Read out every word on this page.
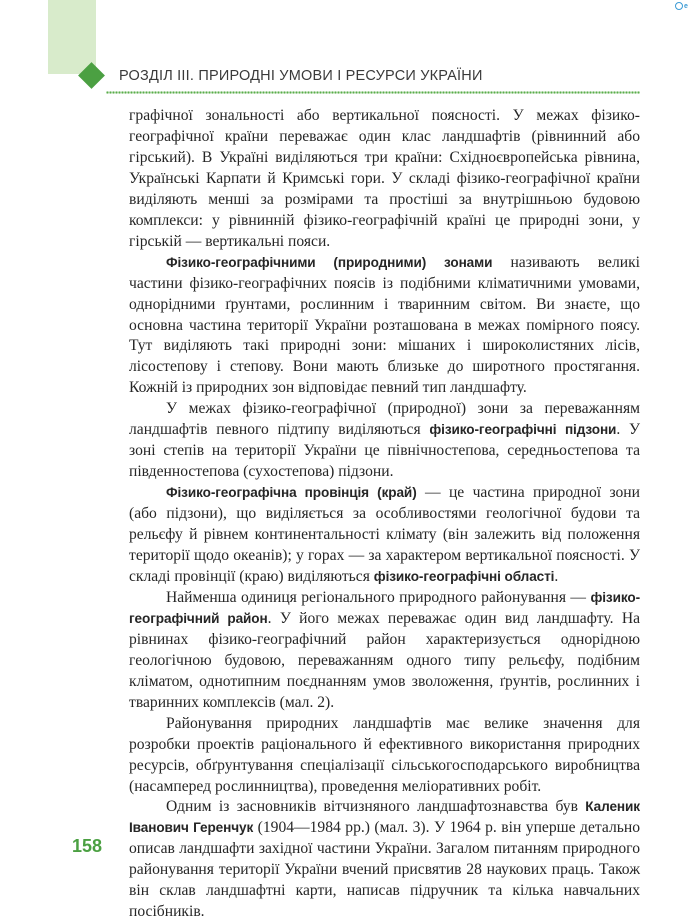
РОЗДІЛ ІІІ. ПРИРОДНІ УМОВИ І РЕСУРСИ УКРАЇНИ
e

графічної зональності або вертикальної поясності. У межах фізико-географічної країни переважає один клас ландшафтів (рівнинний або гірський). В Україні виділяються три країни: Східноєвропейська рівнина, Українські Карпати й Кримські гори. У складі фізико-географічної країни виділяють менші за розмірами та простіші за внутрішньою будовою комплекси: у рівнинній фізико-географічній країні це природні зони, у гірській — вертикальні пояси.

Фізико-географічними (природними) зонами називають великі частини фізико-географічних поясів із подібними кліматичними умовами, однорідними ґрунтами, рослинним і тваринним світом. Ви знаєте, що основна частина території України розташована в межах помірного поясу. Тут виділяють такі природні зони: мішаних і широколистяних лісів, лісостепову і степову. Вони мають близьке до широтного простягання. Кожній із природних зон відповідає певний тип ландшафту.

У межах фізико-географічної (природної) зони за переважанням ландшафтів певного підтипу виділяються фізико-географічні підзони. У зоні степів на території України це північностепова, середньостепова та південностепова (сухостепова) підзони.

Фізико-географічна провінція (край) — це частина природної зони (або підзони), що виділяється за особливостями геологічної будови та рельєфу й рівнем континентальності клімату (він залежить від положення території щодо океанів); у горах — за характером вертикальної поясності. У складі провінції (краю) виділяються фізико-географічні області.

Найменша одиниця регіонального природного районування — фізико-географічний район. У його межах переважає один вид ландшафту. На рівнинах фізико-географічний район характеризується однорідною геологічною будовою, переважанням одного типу рельєфу, подібним кліматом, однотипним поєднанням умов зволоження, ґрунтів, рослинних і тваринних комплексів (мал. 2).

Районування природних ландшафтів має велике значення для розробки проектів раціонального й ефективного використання природних ресурсів, обґрунтування спеціалізації сільськогосподарського виробництва (насамперед рослинництва), проведення меліоративних робіт.

Одним із засновників вітчизняного ландшафтознавства був Каленик Іванович Геренчук (1904—1984 рр.) (мал. 3). У 1964 р. він уперше детально описав ландшафти західної частини України. Загалом питанням природного районування території України вчений присвятив 28 наукових праць. Також він склав ландшафтні карти, написав підручник та кілька навчальних посібників.

158
